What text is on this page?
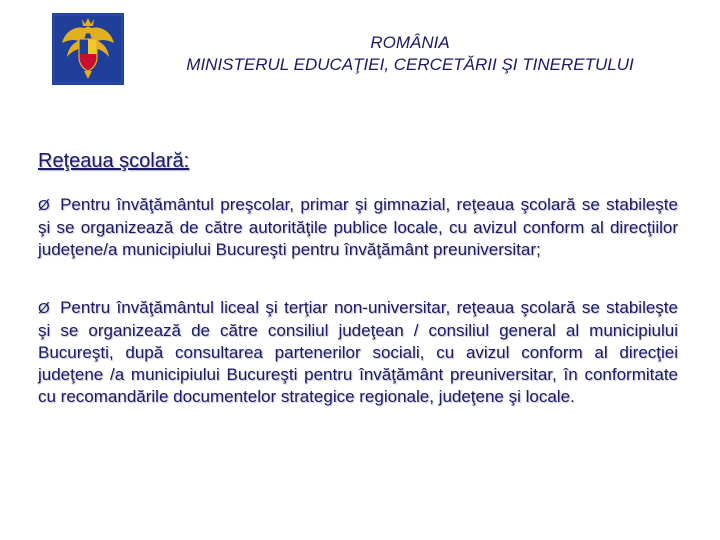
ROMÂNIA
MINISTERUL EDUCAŢIEI, CERCETĂRII ŞI TINERETULUI
Reţeaua şcolară:
Ø Pentru învăţământul preşcolar, primar şi gimnazial, reţeaua şcolară se stabileşte şi se organizează de către autorităţile publice locale, cu avizul conform al direcţiilor judeţene/a municipiului Bucureşti pentru învăţământ preuniversitar;
Ø Pentru învăţământul liceal şi terţiar non-universitar, reţeaua şcolară se stabileşte şi se organizează de către consiliul judeţean / consiliul general al municipiului Bucureşti, după consultarea partenerilor sociali, cu avizul conform al direcţiei judeţene /a municipiului Bucureşti pentru învăţământ preuniversitar, în conformitate cu recomandările documentelor strategice regionale, judeţene şi locale.
